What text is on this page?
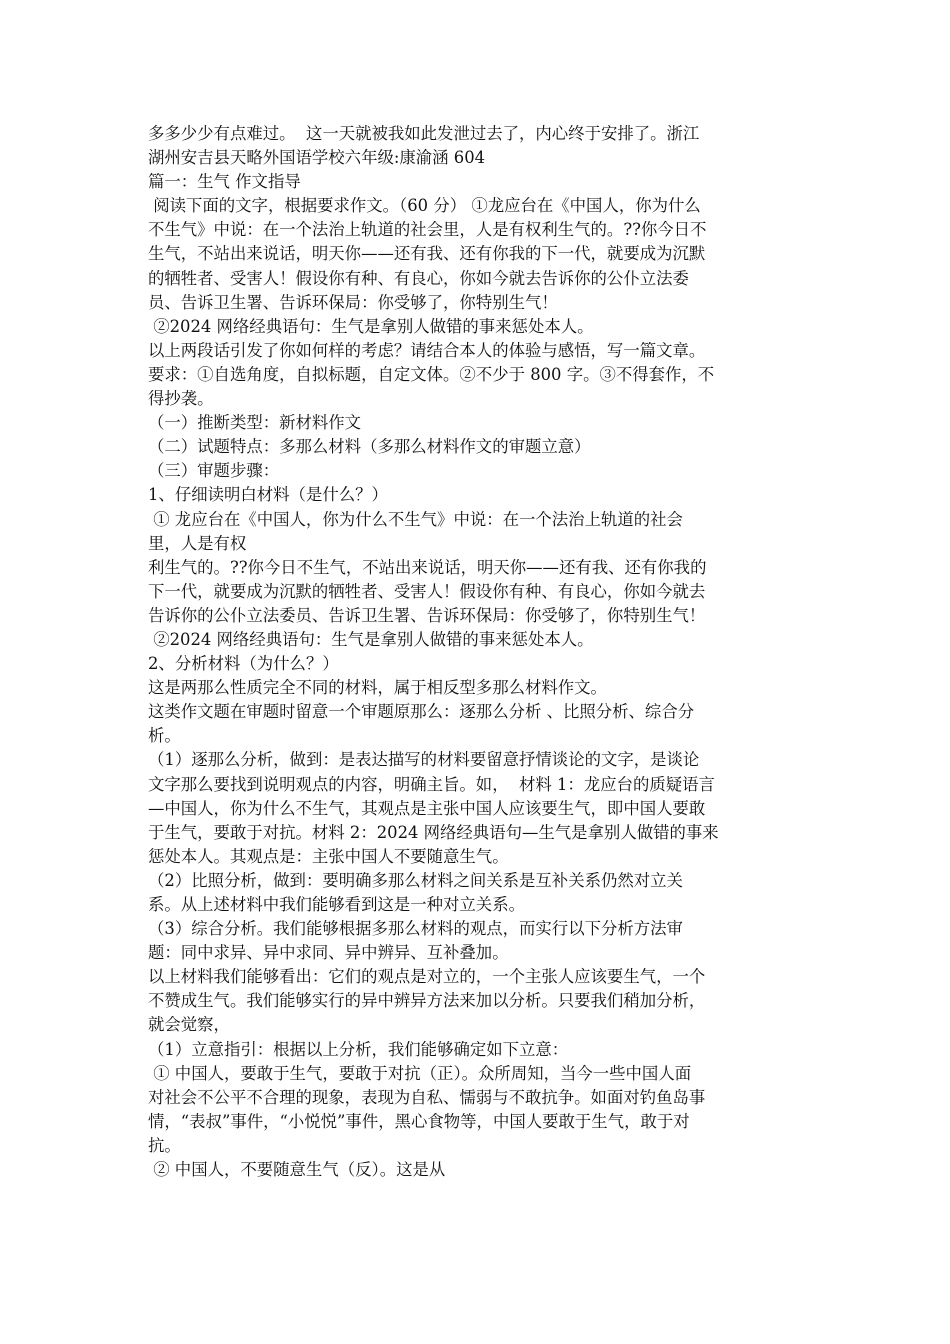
多多少少有点难过。  这一天就被我如此发泄过去了，内心终于安排了。浙江
湖州安吉县天略外国语学校六年级:康渝涵 604
篇一：生气 作文指导
阅读下面的文字，根据要求作文。（60 分） ①龙应台在《中国人，你为什么
不生气》中说：在一个法治上轨道的社会里，人是有权利生气的。??你今日不
生气，不站出来说话，明天你——还有我、还有你我的下一代，就要成为沉默
的牺牲者、受害人！假设你有种、有良心，你如今就去告诉你的公仆立法委
员、告诉卫生署、告诉环保局：你受够了，你特别生气！
②2024 网络经典语句：生气是拿别人做错的事来惩处本人。
以上两段话引发了你如何样的考虑？请结合本人的体验与感悟，写一篇文章。
要求：①自选角度，自拟标题，自定文体。②不少于 800 字。③不得套作，不
得抄袭。
（一）推断类型：新材料作文
（二）试题特点：多那么材料（多那么材料作文的审题立意）
（三）审题步骤：
1、仔细读明白材料（是什么？）
① 龙应台在《中国人，你为什么不生气》中说：在一个法治上轨道的社会
里，人是有权
利生气的。??你今日不生气，不站出来说话，明天你——还有我、还有你我的
下一代，就要成为沉默的牺牲者、受害人！假设你有种、有良心，你如今就去
告诉你的公仆立法委员、告诉卫生署、告诉环保局：你受够了，你特别生气！
②2024 网络经典语句：生气是拿别人做错的事来惩处本人。
2、分析材料（为什么？）
这是两那么性质完全不同的材料，属于相反型多那么材料作文。
这类作文题在审题时留意一个审题原那么：逐那么分析 、比照分析、综合分
析。
（1）逐那么分析，做到：是表达描写的材料要留意抒情谈论的文字，是谈论
文字那么要找到说明观点的内容，明确主旨。如，  材料 1：龙应台的质疑语言
—中国人，你为什么不生气，其观点是主张中国人应该要生气，即中国人要敢
于生气，要敢于对抗。材料 2：2024 网络经典语句—生气是拿别人做错的事来
惩处本人。其观点是：主张中国人不要随意生气。
（2）比照分析，做到：要明确多那么材料之间关系是互补关系仍然对立关
系。从上述材料中我们能够看到这是一种对立关系。
（3）综合分析。我们能够根据多那么材料的观点，而实行以下分析方法审
题：同中求异、异中求同、异中辨异、互补叠加。
以上材料我们能够看出：它们的观点是对立的，一个主张人应该要生气，一个
不赞成生气。我们能够实行的异中辨异方法来加以分析。只要我们稍加分析，
就会觉察，
（1）立意指引：根据以上分析，我们能够确定如下立意：
① 中国人，要敢于生气，要敢于对抗（正）。众所周知，当今一些中国人面
对社会不公平不合理的现象，表现为自私、懦弱与不敢抗争。如面对钓鱼岛事
情，“表叔”事件，“小悦悦”事件，黑心食物等，中国人要敢于生气，敢于对
抗。
② 中国人，不要随意生气（反）。这是从
